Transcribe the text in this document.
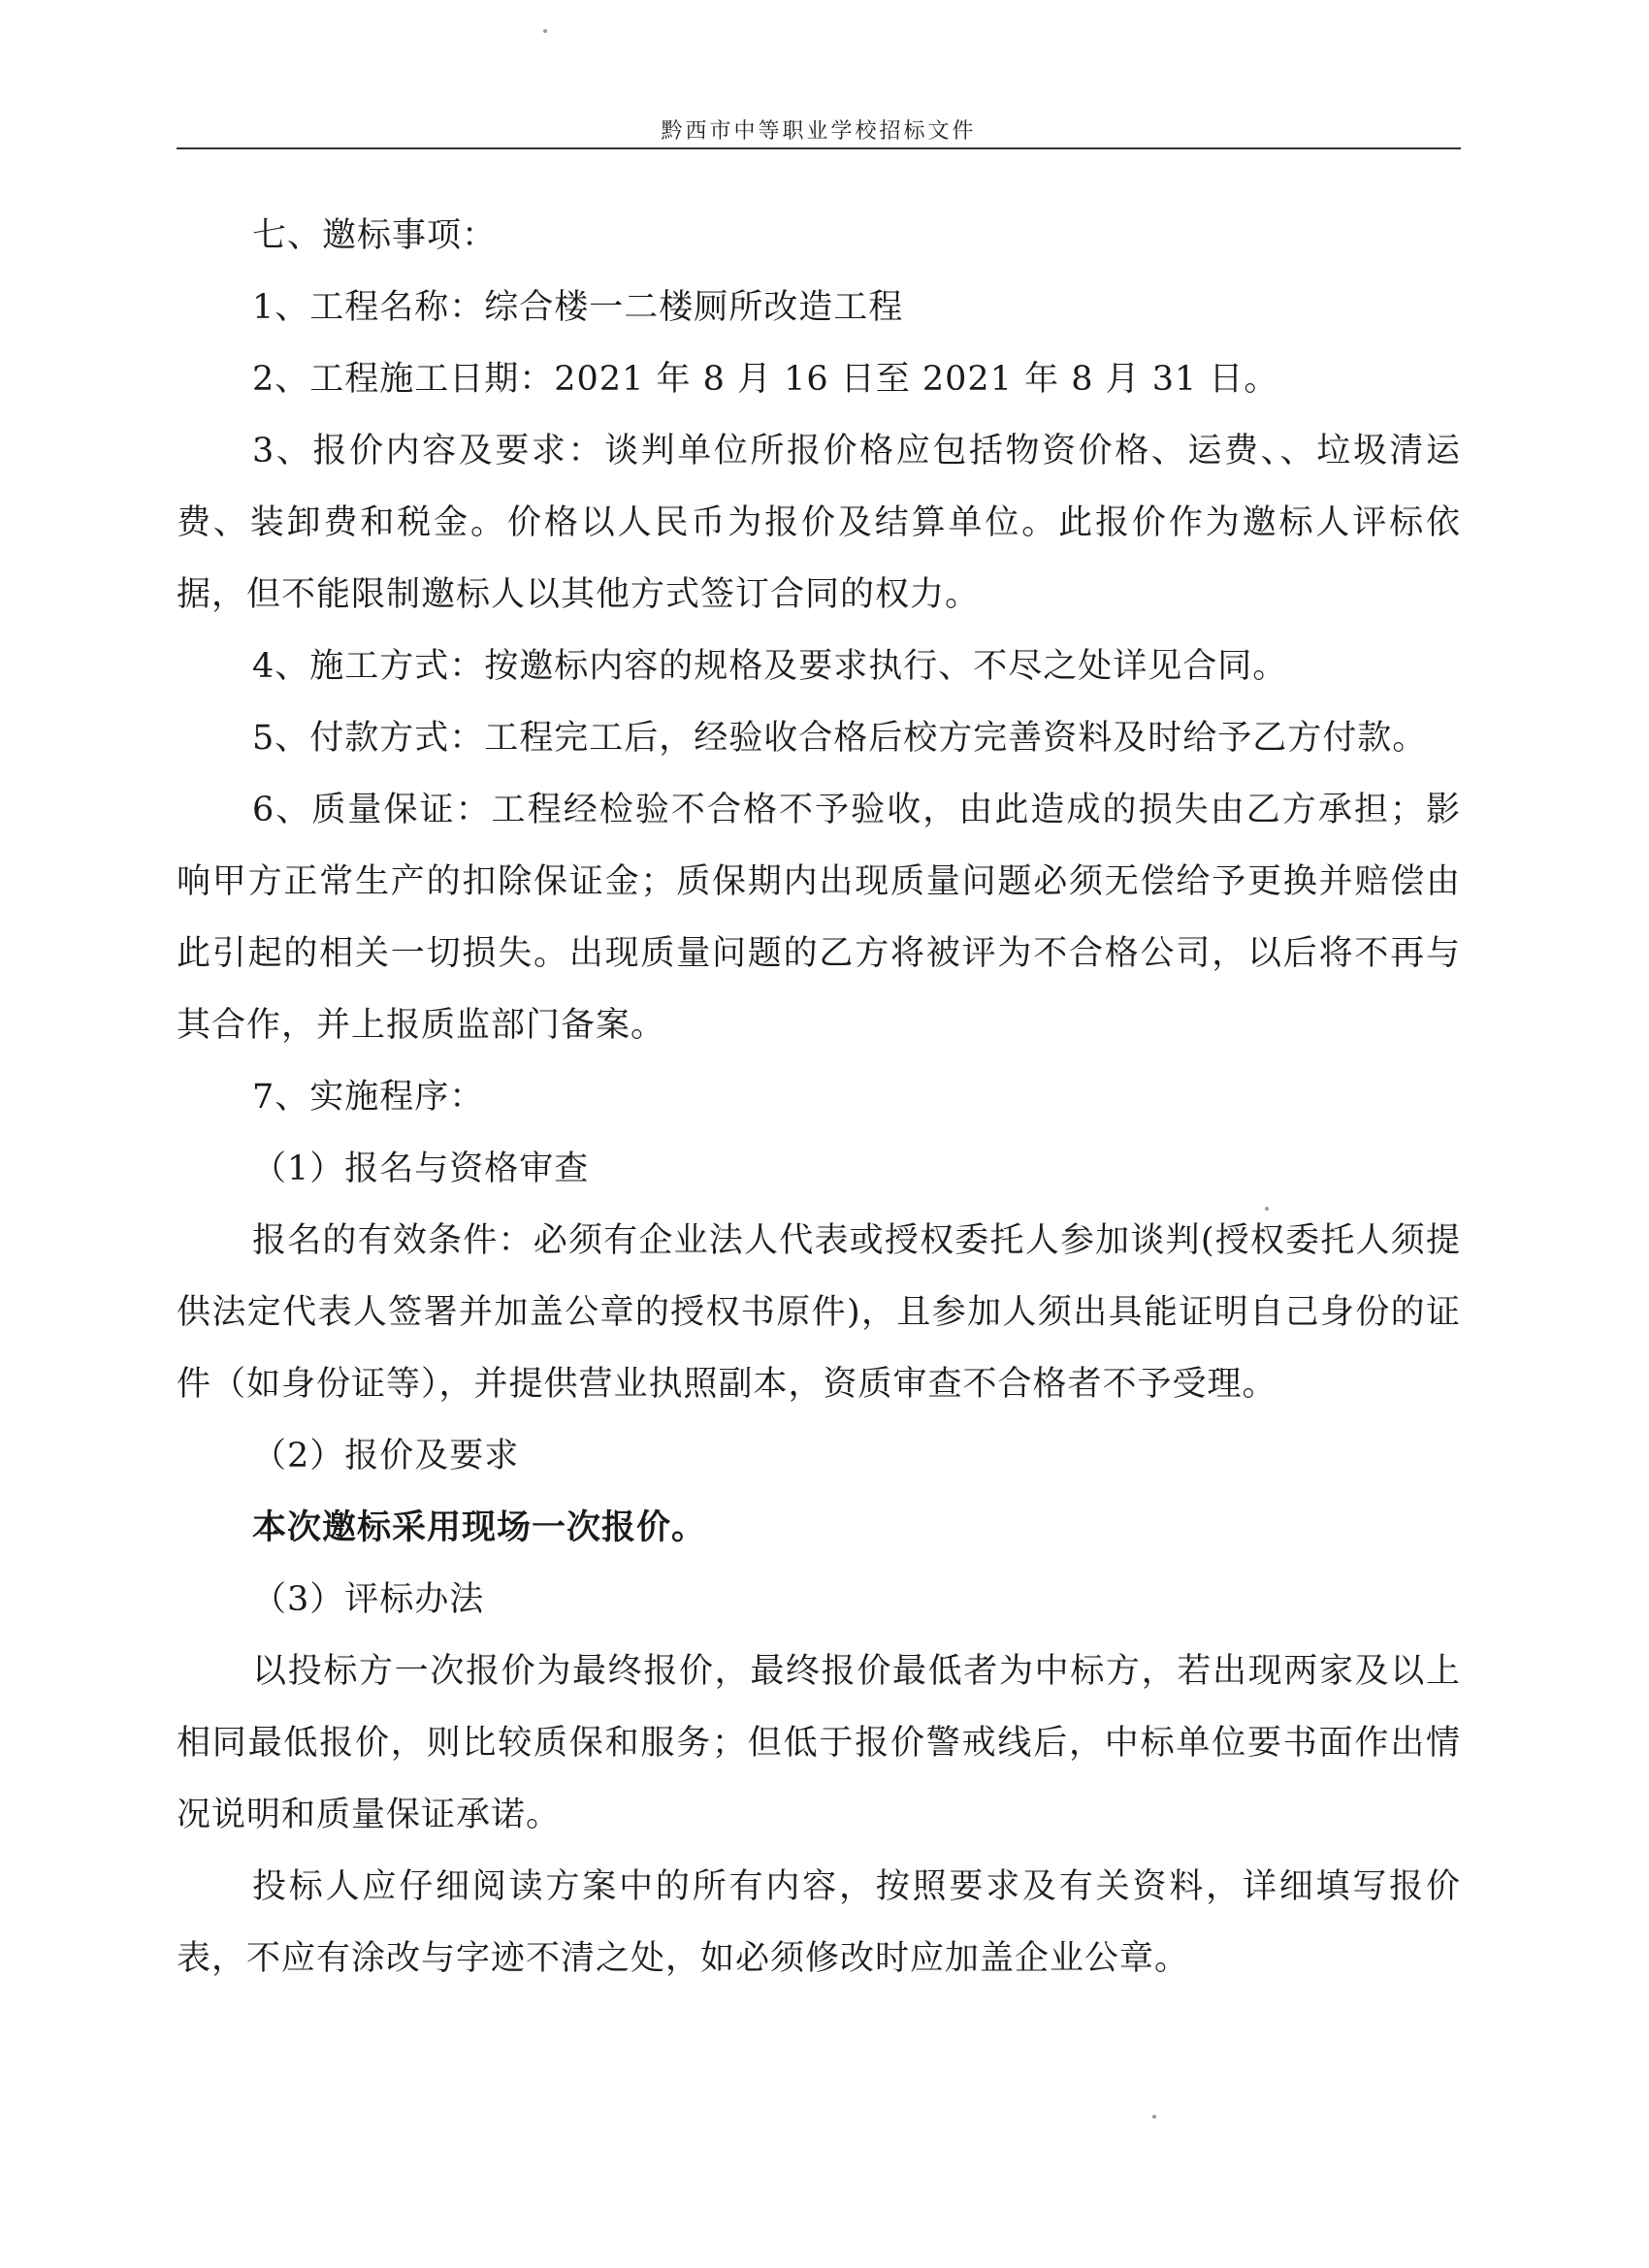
黔西市中等职业学校招标文件

七、邀标事项：

1、工程名称：综合楼一二楼厕所改造工程

2、工程施工日期：2021 年 8 月 16 日至 2021 年 8 月 31 日。

3、报价内容及要求：谈判单位所报价格应包括物资价格、运费、、垃圾清运费、装卸费和税金。价格以人民币为报价及结算单位。此报价作为邀标人评标依据，但不能限制邀标人以其他方式签订合同的权力。

4、施工方式：按邀标内容的规格及要求执行、不尽之处详见合同。

5、付款方式：工程完工后，经验收合格后校方完善资料及时给予乙方付款。

6、质量保证：工程经检验不合格不予验收，由此造成的损失由乙方承担；影响甲方正常生产的扣除保证金；质保期内出现质量问题必须无偿给予更换并赔偿由此引起的相关一切损失。出现质量问题的乙方将被评为不合格公司，以后将不再与其合作，并上报质监部门备案。

7、实施程序：

（1）报名与资格审查

报名的有效条件：必须有企业法人代表或授权委托人参加谈判(授权委托人须提供法定代表人签署并加盖公章的授权书原件)，且参加人须出具能证明自己身份的证件（如身份证等），并提供营业执照副本，资质审查不合格者不予受理。

（2）报价及要求

本次邀标采用现场一次报价。

（3）评标办法

以投标方一次报价为最终报价，最终报价最低者为中标方，若出现两家及以上相同最低报价，则比较质保和服务；但低于报价警戒线后，中标单位要书面作出情况说明和质量保证承诺。

投标人应仔细阅读方案中的所有内容，按照要求及有关资料，详细填写报价表，不应有涂改与字迹不清之处，如必须修改时应加盖企业公章。
